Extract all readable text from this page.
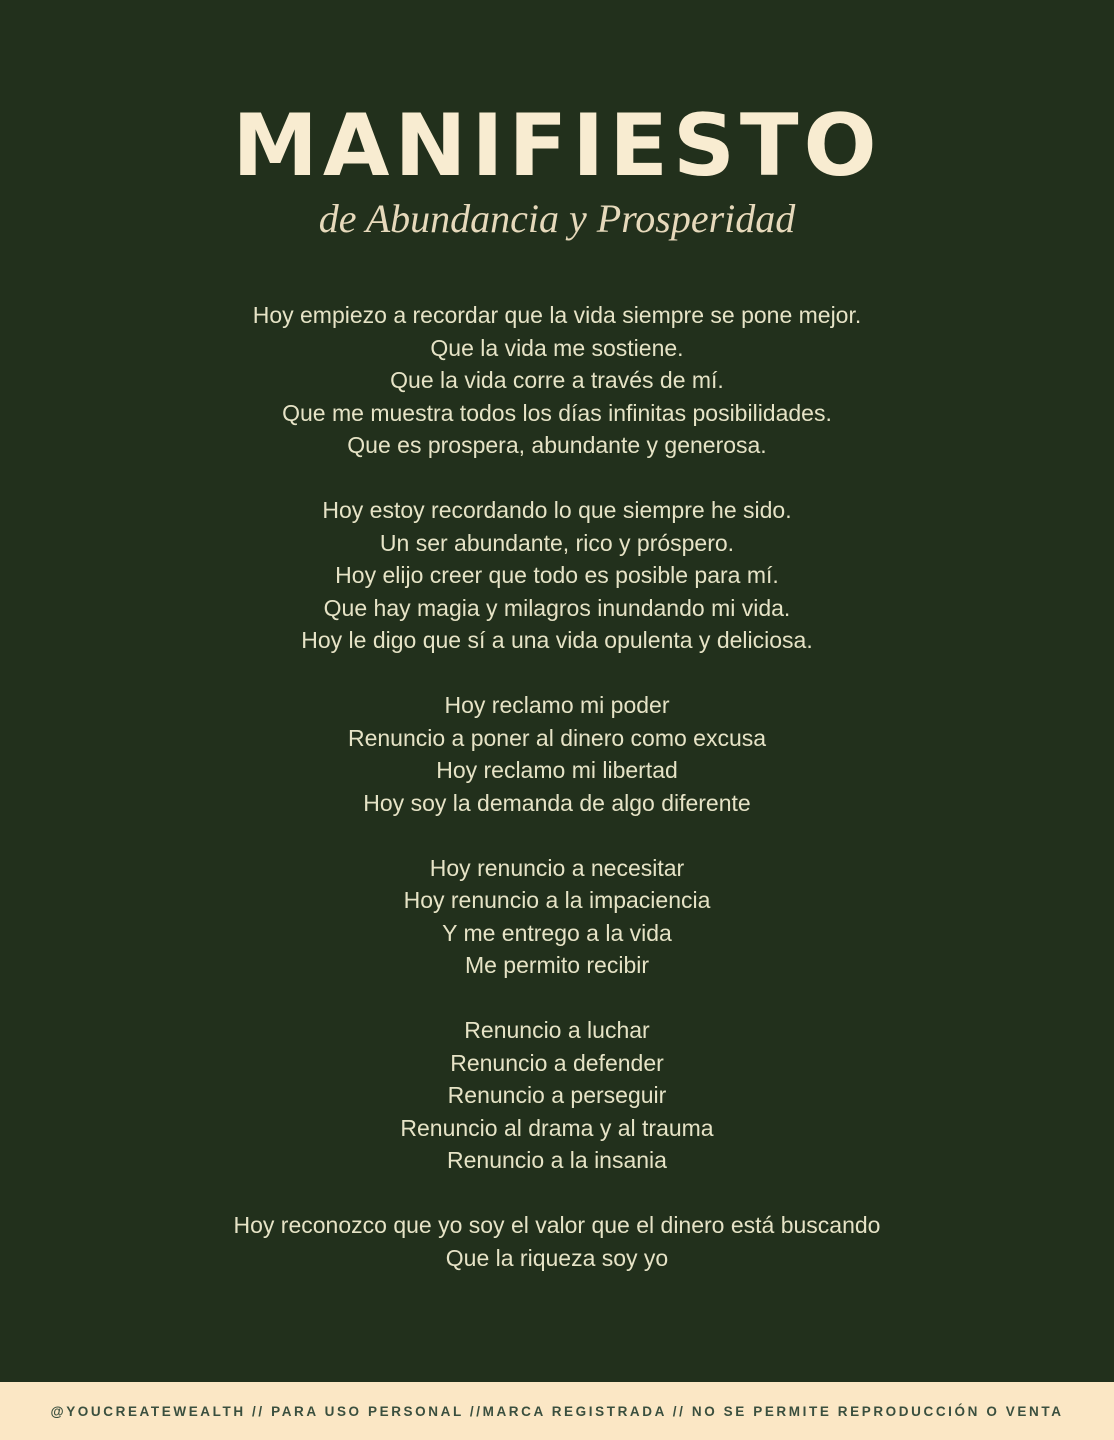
MANIFIESTO
de Abundancia y Prosperidad

Hoy empiezo a recordar que la vida siempre se pone mejor.

Que la vida me sostiene.

Que la vida corre a través de mí.

Que me muestra todos los días infinitas posibilidades.

Que es prospera, abundante y generosa.

Hoy estoy recordando lo que siempre he sido.

Un ser abundante, rico y próspero.

Hoy elijo creer que todo es posible para mí.

Que hay magia y milagros inundando mi vida.

Hoy le digo que sí a una vida opulenta y deliciosa.

Hoy reclamo mi poder

Renuncio a poner al dinero como excusa

Hoy reclamo mi libertad

Hoy soy la demanda de algo diferente

Hoy renuncio a necesitar

Hoy renuncio a la impaciencia

Y me entrego a la vida

Me permito recibir

Renuncio a luchar

Renuncio a defender

Renuncio a perseguir

Renuncio al drama y al trauma

Renuncio a la insania

Hoy reconozco que yo soy el valor que el dinero está buscando

Que la riqueza soy yo

@YOUCREATEWEALTH // PARA USO PERSONAL //MARCA REGISTRADA // NO SE PERMITE REPRODUCCIÓN O VENTA
